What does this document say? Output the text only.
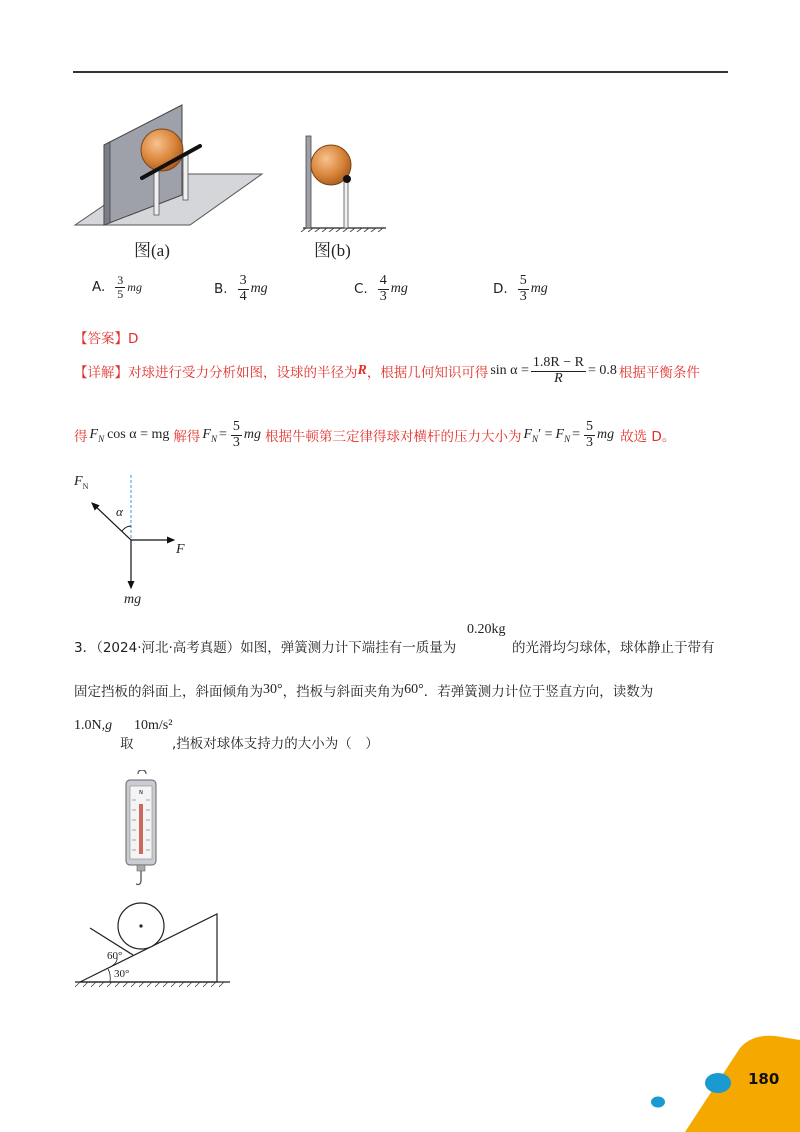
图(a)	图(b)
A. $\frac{3}{5}$ mg	B. $\frac{3}{4}$ mg	C. $\frac{4}{3}$ mg	D. $\frac{5}{3}$ mg
【答案】D
【详解】 对球进行受力分析如图，设球的半径为 R ，根据几何知识可得 $\sin \alpha = \frac{1.8R - R}{R} = 0.8$ 根据平衡条件
得 $F_N$ cos α = mg 解得 $F_N = \frac{5}{3}$ mg 根据牛顿第三定律得球对横杆的压力大小为 $F_N$ ′ = $F_N = \frac{5}{3}$ mg 故选 D。
$F_N$
α
F
mg
3．（2024·河北·高考真题）如图，弹簧测力计下端挂有一质量为
0.20kg
的光滑均匀球体，球体静止于带有
固定挡板的斜面上，斜面倾角为 30° ，挡板与斜面夹角为 60° ．若弹簧测力计位于竖直方向，读数为
1.0N,g
取
10m/s²
,挡板对球体支持力的大小为（　）
N
60°
30°
180
